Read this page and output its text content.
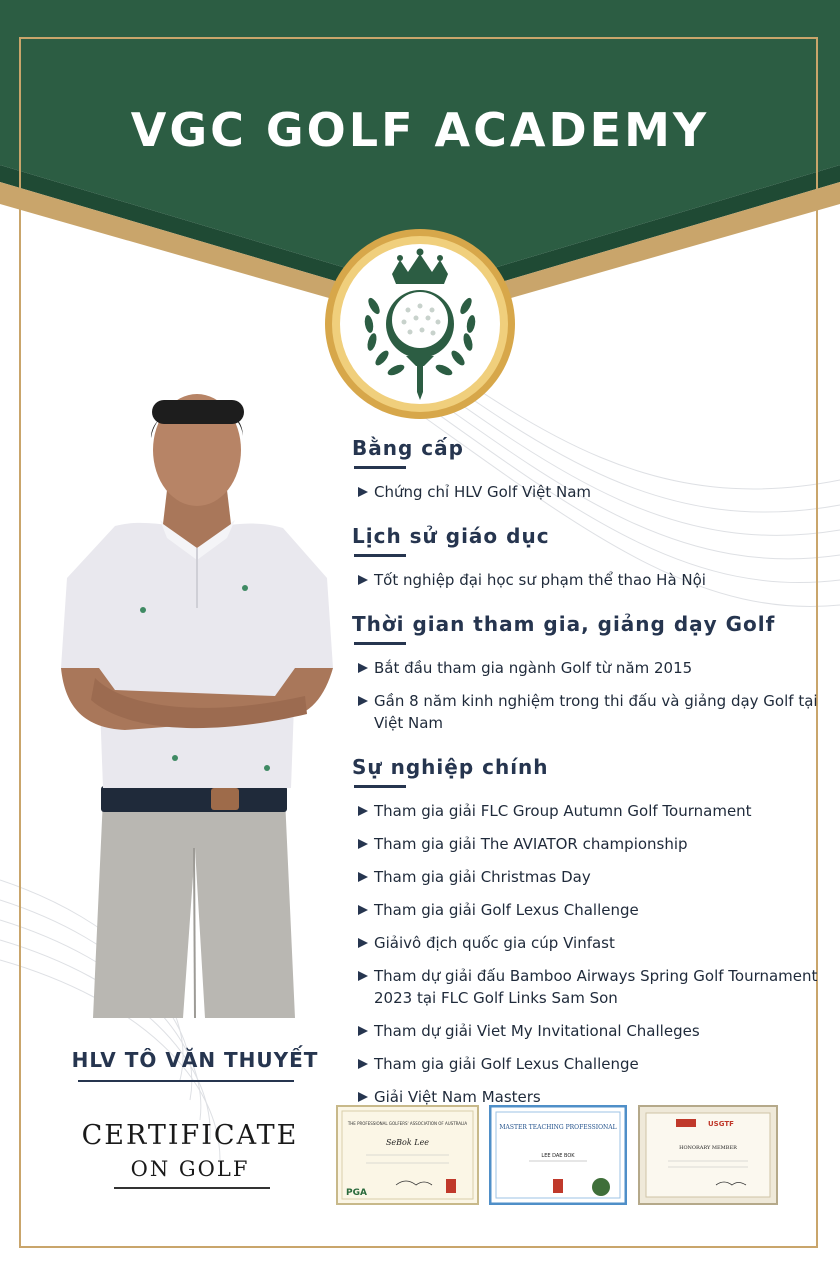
VGC GOLF ACADEMY
HLV TÔ VĂN THUYẾT
CERTIFICATE
ON GOLF
Bằng cấp
Chứng chỉ HLV Golf Việt Nam
Lịch sử giáo dục
Tốt nghiệp đại học sư phạm thể thao Hà Nội
Thời gian tham gia, giảng dạy Golf
Bắt đầu tham gia ngành Golf từ năm 2015
Gần 8 năm kinh nghiệm trong thi đấu và giảng dạy Golf tại Việt Nam
Sự nghiệp chính
Tham gia giải FLC Group Autumn Golf Tournament
Tham gia giải The AVIATOR championship
Tham gia giải Christmas Day
Tham gia giải Golf Lexus Challenge
Giảivô địch quốc gia cúp Vinfast
Tham dự giải đấu Bamboo Airways Spring Golf Tournament 2023 tại FLC Golf Links Sam Son
Tham dự giải Viet My Invitational Challeges
Tham gia giải Golf Lexus Challenge
Giải Việt Nam Masters
THE PROFESSIONAL GOLFERS' ASSOCIATION OF AUSTRALIA
SeBok Lee
PGA
MASTER TEACHING PROFESSIONAL
LEE DAE BOK
USGTF
HONORARY MEMBER
